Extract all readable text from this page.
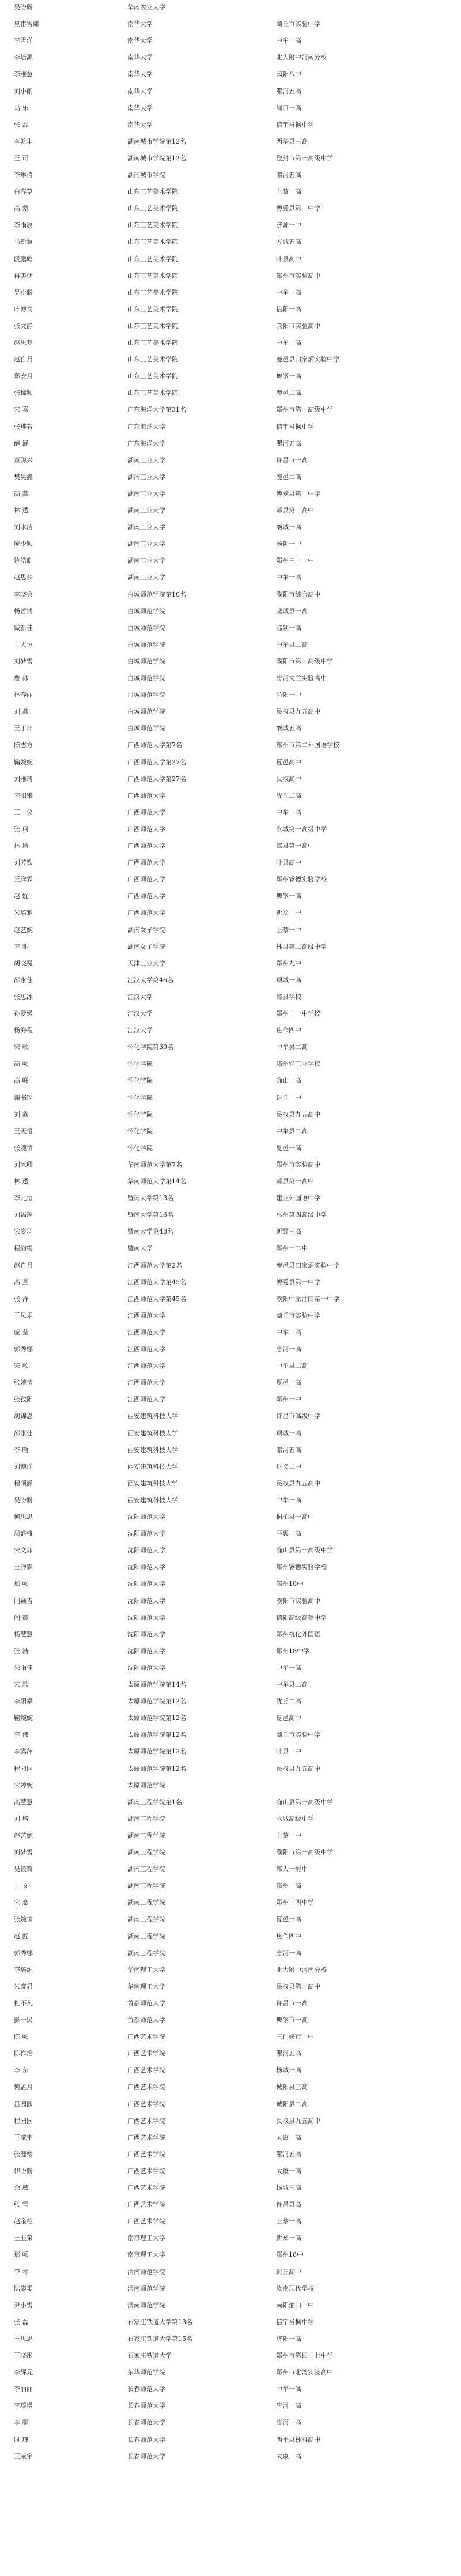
吴盼盼	华南农业大学
皇甫雪娜	南华大学	商丘市实验中学
李雪洋	南华大学	中牟一高
李培源	南华大学	北大附中河南分校
李雅慧	南华大学	南阳八中
刘小雨	南华大学	漯河五高
马 乐	南华大学	周口一高
张 磊	南华大学	信宇当枫中学
李乾丰	湖南城市学院第12名	西华县三高
王 可	湖南城市学院第12名	登封市第一高级中学
李琳倩	湖南城市学院	漯河五高
白春草	山东工艺美术学院	上蔡一高
高 蒙	山东工艺美术学院	博爱县第一中学
李雨辰	山东工艺美术学院	济源一中
马新慧	山东工艺美术学院	方城五高
段鹏鸣	山东工艺美术学院	叶县高中
冉美伊	山东工艺美术学院	郑州市实验高中
吴盼盼	山东工艺美术学院	中牟一高
叶博文	山东工艺美术学院	信阳一高
张文静	山东工艺美术学院	荥阳市实验高中
赵思梦	山东工艺美术学院	中牟一高
赵自月	山东工艺美术学院	鹿邑县田家炳实验中学
郑安月	山东工艺美术学院	舞钢一高
张稀颖	山东工艺美术学院	鹿邑二高
宋 嘉	广东海洋大学第31名	郑州市第一高级中学
张烨若	广东海洋大学	信宇当枫中学
薛 涵	广东海洋大学	漯河五高
董聪兴	湖南工业大学	许昌市一高
樊昊鑫	湖南工业大学	鹿邑二高
高 燕	湖南工业大学	博爱县第一中学
林 透	湖南工业大学	郏县第一高中
刘水洁	湖南工业大学	襄城一高
庞少颖	湖南工业大学	汤阴一中
姚皓皓	湖南工业大学	郑州三十一中
赵思梦	湖南工业大学	中牟一高
李晓会	白城师范学院第10名	濮阳市综合高中
杨哲博	白城师范学院	虞城县一高
臧新佳	白城师范学院	临颍一高
王天恒	白城师范学院	中牟县二高
刘梦雪	白城师范学院	濮阳市第一高级中学
詹 冰	白城师范学院	唐河文兰实验高中
林春丽	白城师范学院	沁阳一中
刘 鑫	白城师范学院	民权县九五高中
王丁坤	白城师范学院	襄城五高
陈志方	广西师范大学第7名	郑州市第二外国语学校
鞠婉婉	广西师范大学第27名	夏邑高中
刘雅琦	广西师范大学第27名	民权高中
李阳攀	广西师范大学	沈丘二高
王一仪	广西师范大学	中牟一高
张 珂	广西师范大学	永城第一高级中学
林 透	广西师范大学	郏县第一高中
刘芳钦	广西师范大学	叶县高中
王洋霖	广西师范大学	郑州睿德实验学校
赵 妮	广西师范大学	舞钢一高
朱培雅	广西师范大学	新郑一中
赵艺婉	湖南女子学院	上蔡一中
李 雅	湖南女子学院	林县第二高级中学
胡晓冕	天津工业大学	郑州九中
邵永佳	江汉大学第46名	项城一高
张思冰	江汉大学	郏县学校
孙爱媛	江汉大学	郑州十一中学校
杨海程	江汉大学	焦作四中
宋 歌	怀化学院第30名	中牟县二高
高 畅	怀化学院	郑州轻工业学校
高 峰	怀化学院	确山一高
谢书瑶	怀化学院	封丘一中
刘 鑫	怀化学院	民权县九五高中
王天恒	怀化学院	中牟县二高
张婉情	怀化学院	夏邑一高
刘冰卿	华南师范大学第7名	郑州市实验高中
林 透	华南师范大学第14名	郏县第一高中
李元恒	暨南大学第13名	建业外国语中学
刘福瑶	暨南大学第16名	禹州第四高级中学
宋姿羽	暨南大学第48名	新野三高
程韵缇	暨南大学	郑州十二中
赵自月	江西师范大学第2名	鹿邑县田家炳实验中学
高 燕	江西师范大学第45名	博爱县第一中学
张 洋	江西师范大学第45名	濮阳中原油田第一中学
王凤乐	江西师范大学	商丘市实验中学
庞 莹	江西师范大学	中牟一高
郭秀娜	江西师范大学	唐河一高
宋 歌	江西师范大学	中牟县二高
张婉情	江西师范大学	夏邑一高
张孜阳	江西师范大学	郑州一中
胡锦恩	西安建筑科技大学	许昌市高级中学
邵永佳	西安建筑科技大学	项城一高
李 晗	西安建筑科技大学	漯河五高
刘博洋	西安建筑科技大学	巩义二中
程硕涵	西安建筑科技大学	民权县九五高中
吴盼盼	西安建筑科技大学	中牟一高
何思思	沈阳师范大学	桐柏县一高中
周盛盛	沈阳师范大学	平舆一高
宋文菲	沈阳师范大学	确山县第一高级中学
王洋霖	沈阳师范大学	郑州睿德实验学校
那 畅	沈阳师范大学	郑州18中
闫颖吉	沈阳师范大学	濮阳市实验高中
闫 震	沈阳师范大学	信阳高级高等中学
杨慧慧	沈阳师范大学	郑州杭化外国语
张 浩	沈阳师范大学	郑州18中学
朱雨佳	沈阳师范大学	中牟一高
宋 歌	太原师范学院第14名	中牟县二高
李阳攀	太原师范学院第12名	沈丘二高
鞠婉婉	太原师范学院第12名	夏邑高中
李 伟	太原师范学院第12名	商丘市实验中学
李露萍	太原师范学院第12名	叶县一中
程园园	太原师范学院第12名	民权县九五高中
宋婷婉	太原师范学院
高慧慧	湖南工程学院第1名	确山县第一高级中学
刘 培	湖南工程学院	永城高级中学
赵艺婉	湖南工程学院	上蔡一中
刘梦雪	湖南工程学院	濮阳市第一高级中学
吴筱筱	湖南工程学院	郑大一附中
王 文	湖南工程学院	郑州一高
宋 恋	湖南工程学院	郑州十四中学
张婉情	湖南工程学院	夏邑一高
赵 匠	湖南工程学院	焦作四中
郭秀娜	湖南工程学院	唐河一高
李培源	华南理工大学	北大附中河南分校
朱赛君	华南理工大学	民权县第一高中
杜不凡	首都师范大学	许昌市一高
彭一民	首都师范大学	舞钢市一高
陈 畅	广西艺术学院	三门峡市一中
陈作治	广西艺术学院	漯河五高
李 东	广西艺术学院	杨城一高
何孟月	广西艺术学院	诚阳县三高
吕园园	广西艺术学院	诚阳县二高
程园园	广西艺术学院	民权县九五高中
王威宇	广西艺术学院	太康一高
张涯楼	广西艺术学院	漯河五高
伊盼盼	广西艺术学院	太康一高
余 威	广西艺术学院	杨城三高
张 雪	广西艺术学院	许昌县高
赵金柱	广西艺术学院	上蔡一高
王韭菜	南京理工大学	新郑一高
那 畅	南京理工大学	郑州18中
李 琴	渭南师范学院	封丘高中
陆姿雯	渭南师范学院	汝南现代学校
尹小雪	渭南师范学院	南阳油田一中
张 磊	石家庄铁道大学第13名	信宇当枫中学
王思思	石家庄铁道大学第15名	济阳一高
王晓彤	石家庄铁道大学	郑州市第四十七中学
李辉元	东华师范学院	郑州市北湾实验高中
李丽丽	长春师范大学	中牟一高
李璞增	长春师范大学	唐河一高
李 顺	长春师范大学	唐河一高
时 瑾	长春师范大学	西平县林科高中
王威宇	长春师范大学	太康一高
